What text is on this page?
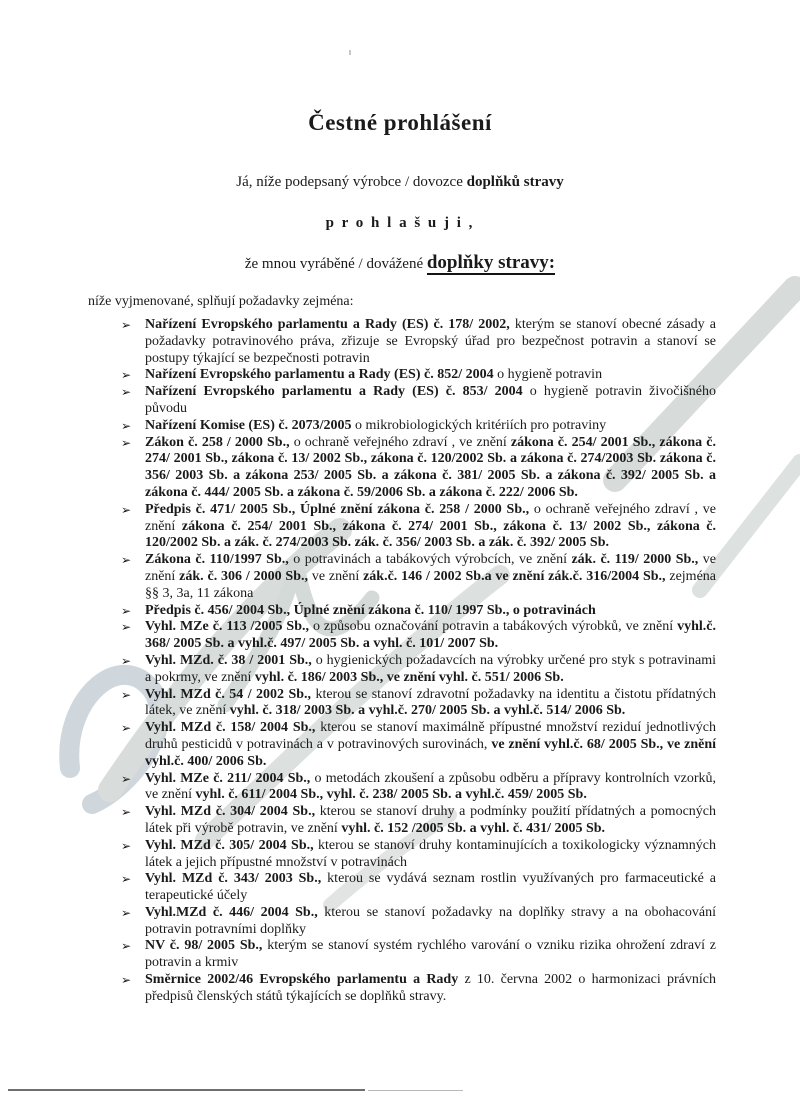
Čestné prohlášení
Já, níže podepsaný výrobce / dovozce doplňků stravy
p r o h l a š u j i ,
že mnou vyráběné / dovážené doplňky stravy:
níže vyjmenované, splňují požadavky zejména:
➢ Nařízení Evropského parlamentu a Rady (ES) č. 178/ 2002, kterým se stanoví obecné zásady a požadavky potravinového práva, zřizuje se Evropský úřad pro bezpečnost potravin a stanoví se postupy týkající se bezpečnosti potravin
➢ Nařízení Evropského parlamentu a Rady (ES) č. 852/ 2004 o hygieně potravin
➢ Nařízení Evropského parlamentu a Rady (ES) č. 853/ 2004 o hygieně potravin živočišného původu
➢ Nařízení Komise (ES) č. 2073/2005 o mikrobiologických kritériích pro potraviny
➢ Zákon č. 258 / 2000 Sb., o ochraně veřejného zdraví , ve znění zákona č. 254/ 2001 Sb., zákona č. 274/ 2001 Sb., zákona č. 13/ 2002 Sb., zákona č. 120/2002 Sb. a zákona č. 274/2003 Sb. zákona č. 356/ 2003 Sb. a zákona 253/ 2005 Sb. a zákona č. 381/ 2005 Sb. a zákona č. 392/ 2005 Sb. a zákona č. 444/ 2005 Sb. a zákona č. 59/2006 Sb. a zákona č. 222/ 2006 Sb.
➢ Předpis č. 471/ 2005 Sb., Úplné znění zákona č. 258 / 2000 Sb., o ochraně veřejného zdraví , ve znění zákona č. 254/ 2001 Sb., zákona č. 274/ 2001 Sb., zákona č. 13/ 2002 Sb., zákona č. 120/2002 Sb. a zák. č. 274/2003 Sb. zák. č. 356/ 2003 Sb. a zák. č. 392/ 2005 Sb.
➢ Zákona č. 110/1997 Sb., o potravinách a tabákových výrobcích, ve znění zák. č. 119/ 2000 Sb., ve znění zák. č. 306 / 2000 Sb., ve znění zák.č. 146 / 2002 Sb.a ve znění zák.č. 316/2004 Sb., zejména §§ 3, 3a, 11 zákona
➢ Předpis č. 456/ 2004 Sb., Úplné znění zákona č. 110/ 1997 Sb., o potravinách
➢ Vyhl. MZe č. 113 /2005 Sb., o způsobu označování potravin a tabákových výrobků, ve znění vyhl.č. 368/ 2005 Sb. a vyhl.č. 497/ 2005 Sb. a vyhl. č. 101/ 2007 Sb.
➢ Vyhl. MZd. č. 38 / 2001 Sb., o hygienických požadavcích na výrobky určené pro styk s potravinami a pokrmy, ve znění vyhl. č. 186/ 2003 Sb., ve znění vyhl. č. 551/ 2006 Sb.
➢ Vyhl. MZd č. 54 / 2002 Sb., kterou se stanoví zdravotní požadavky na identitu a čistotu přídatných látek, ve znění vyhl. č. 318/ 2003 Sb. a vyhl.č. 270/ 2005 Sb. a vyhl.č. 514/ 2006 Sb.
➢ Vyhl. MZd č. 158/ 2004 Sb., kterou se stanoví maximálně přípustné množství reziduí jednotlivých druhů pesticidů v potravinách a v potravinových surovinách, ve znění vyhl.č. 68/ 2005 Sb., ve znění vyhl.č. 400/ 2006 Sb.
➢ Vyhl. MZe č. 211/ 2004 Sb., o metodách zkoušení a způsobu odběru a přípravy kontrolních vzorků, ve znění vyhl. č. 611/ 2004 Sb., vyhl. č. 238/ 2005 Sb. a vyhl.č. 459/ 2005 Sb.
➢ Vyhl. MZd č. 304/ 2004 Sb., kterou se stanoví druhy a podmínky použití přídatných a pomocných látek při výrobě potravin, ve znění vyhl. č. 152 /2005 Sb. a vyhl. č. 431/ 2005 Sb.
➢ Vyhl. MZd č. 305/ 2004 Sb., kterou se stanoví druhy kontaminujících a toxikologicky významných látek a jejich přípustné množství v potravinách
➢ Vyhl. MZd č. 343/ 2003 Sb., kterou se vydává seznam rostlin využívaných pro farmaceutické a terapeutické účely
➢ Vyhl.MZd č. 446/ 2004 Sb., kterou se stanoví požadavky na doplňky stravy a na obohacování potravin potravními doplňky
➢ NV č. 98/ 2005 Sb., kterým se stanoví systém rychlého varování o vzniku rizika ohrožení zdraví z potravin a krmiv
➢ Směrnice 2002/46 Evropského parlamentu a Rady z 10. června 2002 o harmonizaci právních předpisů členských států týkajících se doplňků stravy.
